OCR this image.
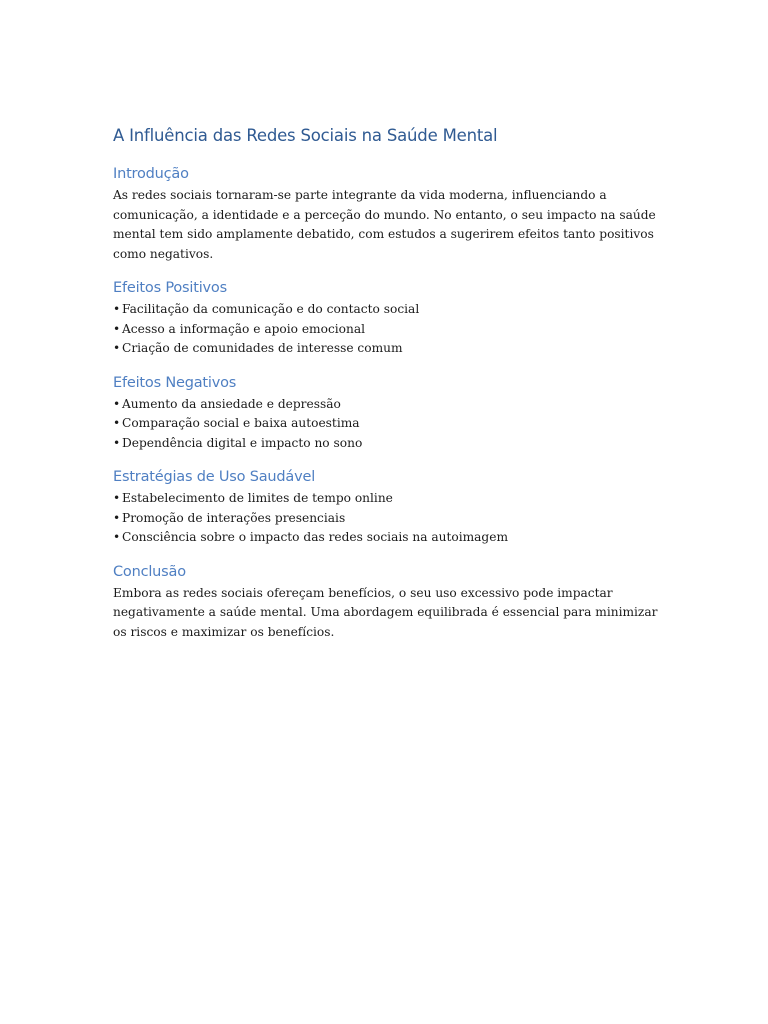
A Influência das Redes Sociais na Saúde Mental
Introdução

As redes sociais tornaram-se parte integrante da vida moderna, influenciando a comunicação, a identidade e a perceção do mundo. No entanto, o seu impacto na saúde mental tem sido amplamente debatido, com estudos a sugerirem efeitos tanto positivos como negativos.

Efeitos Positivos
• Facilitação da comunicação e do contacto social
• Acesso a informação e apoio emocional
• Criação de comunidades de interesse comum
Efeitos Negativos
• Aumento da ansiedade e depressão
• Comparação social e baixa autoestima
• Dependência digital e impacto no sono
Estratégias de Uso Saudável
• Estabelecimento de limites de tempo online
• Promoção de interações presenciais
• Consciência sobre o impacto das redes sociais na autoimagem
Conclusão

Embora as redes sociais ofereçam benefícios, o seu uso excessivo pode impactar negativamente a saúde mental. Uma abordagem equilibrada é essencial para minimizar os riscos e maximizar os benefícios.
